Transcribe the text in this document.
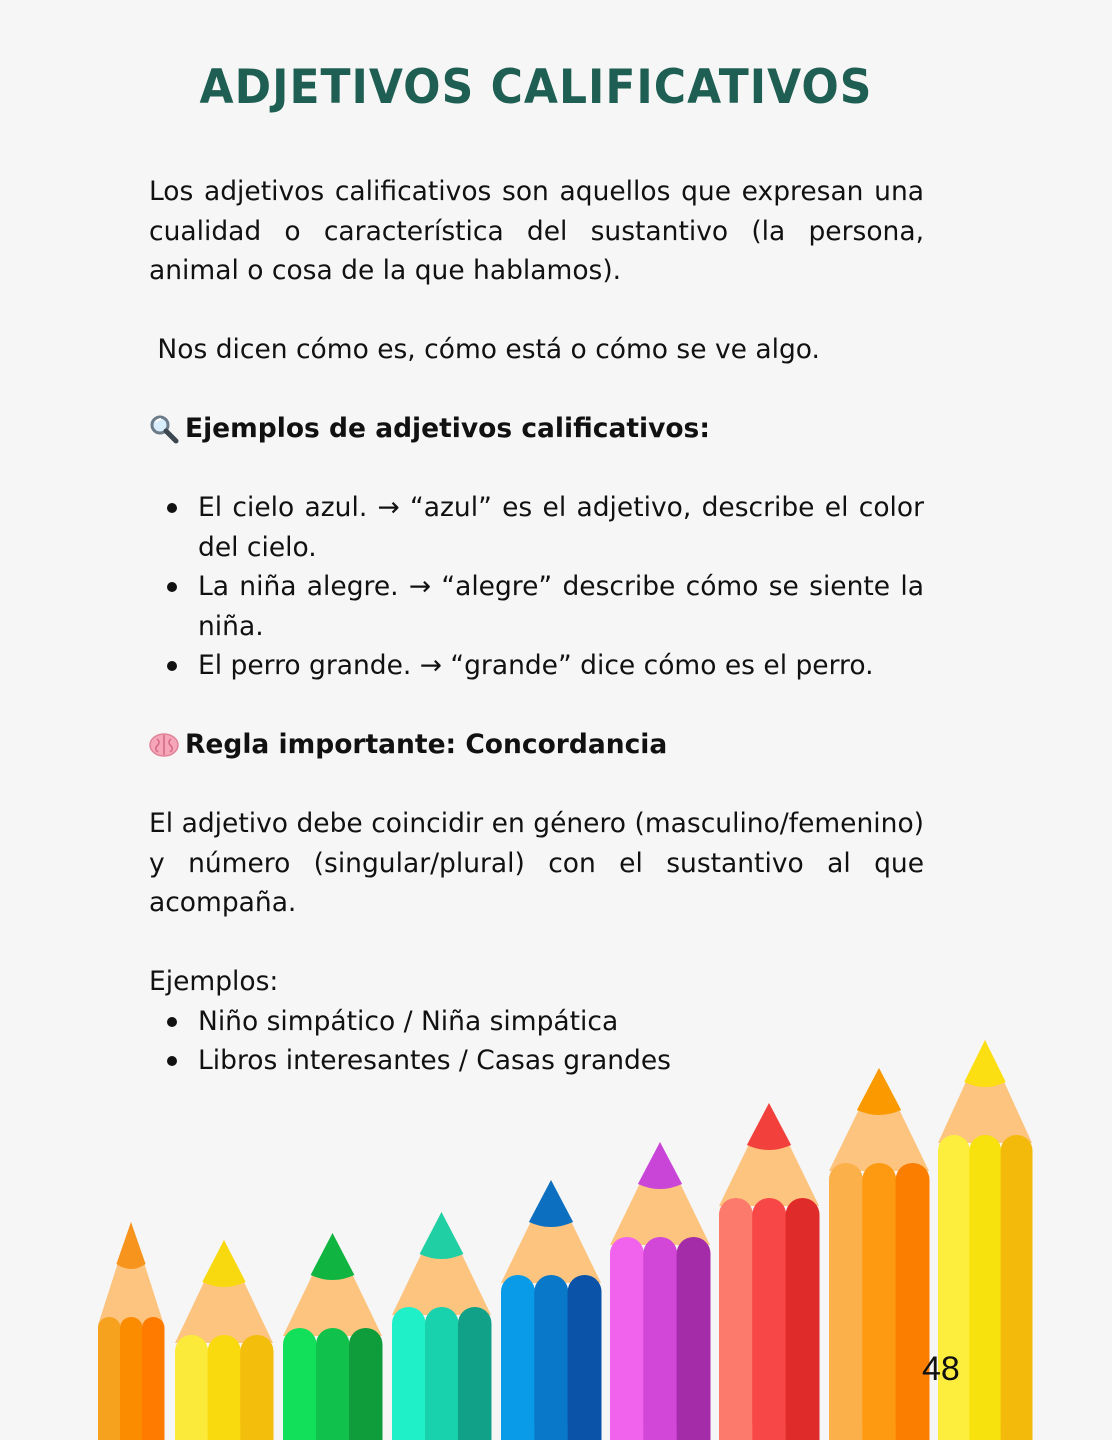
ADJETIVOS CALIFICATIVOS

Los adjetivos calificativos son aquellos que expresan una cualidad o característica del sustantivo (la persona, animal o cosa de la que hablamos).

Nos dicen cómo es, cómo está o cómo se ve algo.

Ejemplos de adjetivos calificativos:

El cielo azul. → “azul” es el adjetivo, describe el color del cielo.
La niña alegre. → “alegre” describe cómo se siente la niña.
El perro grande. → “grande” dice cómo es el perro.

Regla importante: Concordancia

El adjetivo debe coincidir en género (masculino/femenino) y número (singular/plural) con el sustantivo al que acompaña.

Ejemplos:

Niño simpático / Niña simpática
Libros interesantes / Casas grandes
48
